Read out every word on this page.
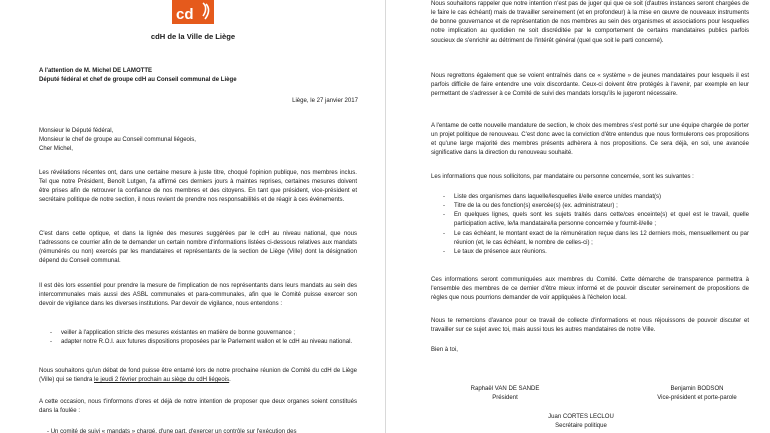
cd
cdH de la Ville de Liège
A l'attention de M. Michel DE LAMOTTE
Député fédéral et chef de groupe cdH au Conseil communal de Liège
Liège, le 27 janvier 2017
Monsieur le Député fédéral,
Monsieur le chef de groupe au Conseil communal liégeois,
Cher Michel,

Les révélations récentes ont, dans une certaine mesure à juste titre, choqué l'opinion publique, nos membres inclus. Tel que notre Président, Benoît Lutgen, l'a affirmé ces derniers jours à maintes reprises, certaines mesures doivent être prises afin de retrouver la confiance de nos membres et des citoyens. En tant que président, vice-président et secrétaire politique de notre section, il nous revient de prendre nos responsabilités et de réagir à ces événements.

C'est dans cette optique, et dans la lignée des mesures suggérées par le cdH au niveau national, que nous t'adressons ce courrier afin de te demander un certain nombre d'informations listées ci-dessous relatives aux mandats (rémunérés ou non) exercés par les mandataires et représentants de la section de Liège (Ville) dont la désignation dépend du Conseil communal.

Il est dès lors essentiel pour prendre la mesure de l'implication de nos représentants dans leurs mandats au sein des intercommunales mais aussi des ASBL communales et para-communales, afin que le Comité puisse exercer son devoir de vigilance dans les diverses institutions. Par devoir de vigilance, nous entendons :

- veiller à l'application stricte des mesures existantes en matière de bonne gouvernance ;
- adapter notre R.O.I. aux futures dispositions proposées par le Parlement wallon et le cdH au niveau national.

Nous souhaitons qu'un débat de fond puisse être entamé lors de notre prochaine réunion de Comité du cdH de Liège (Ville) qui se tiendra le jeudi 2 février prochain au siège du cdH liégeois.

A cette occasion, nous t'informons d'ores et déjà de notre intention de proposer que deux organes soient constitués dans la foulée :

- Un comité de suivi « mandats » chargé, d'une part, d'exercer un contrôle sur l'exécution des

Nous souhaitons rappeler que notre intention n'est pas de juger qui que ce soit (d'autres instances seront chargées de le faire le cas échéant) mais de travailler sereinement (et en profondeur) à la mise en œuvre de nouveaux instruments de bonne gouvernance et de représentation de nos membres au sein des organismes et associations pour lesquelles notre implication au quotidien ne soit discréditée par le comportement de certains mandataires publics parfois soucieux de s'enrichir au détriment de l'intérêt général (quel que soit le parti concerné).

Nous regrettons également que se voient entraînés dans ce « système » de jeunes mandataires pour lesquels il est parfois difficile de faire entendre une voix discordante. Ceux-ci doivent être protégés à l'avenir, par exemple en leur permettant de s'adresser à ce Comité de suivi des mandats lorsqu'ils le jugeront nécessaire.

A l'entame de cette nouvelle mandature de section, le choix des membres s'est porté sur une équipe chargée de porter un projet politique de renouveau. C'est donc avec la conviction d'être entendus que nous formulerons ces propositions et qu'une large majorité des membres présents adhèrera à nos propositions. Ce sera déjà, en soi, une avancée significative dans la direction du renouveau souhaité.

Les informations que nous sollicitons, par mandataire ou personne concernée, sont les suivantes :

- Liste des organismes dans laquelle/lesquelles il/elle exerce un/des mandat(s)
- Titre de la ou des fonction(s) exercée(s) (ex. administrateur) ;
- En quelques lignes, quels sont les sujets traités dans cette/ces enceinte(s) et quel est le travail, quelle participation active, le/la mandataire/la personne concernée y fournit-il/elle ;
- Le cas échéant, le montant exact de la rémunération reçue dans les 12 derniers mois, mensuellement ou par réunion (et, le cas échéant, le nombre de celles-ci) ;
- Le taux de présence aux réunions.

Ces informations seront communiquées aux membres du Comité. Cette démarche de transparence permettra à l'ensemble des membres de ce dernier d'être mieux informé et de pouvoir discuter sereinement de propositions de règles que nous pourrions demander de voir appliquées à l'échelon local.

Nous te remercions d'avance pour ce travail de collecte d'informations et nous réjouissons de pouvoir discuter et travailler sur ce sujet avec toi, mais aussi tous les autres mandataires de notre Ville.

Bien à toi,

Raphaël VAN DE SANDE
Président
Benjamin BODSON
Vice-président et porte-parole
Juan CORTES LECLOU
Secrétaire politique
